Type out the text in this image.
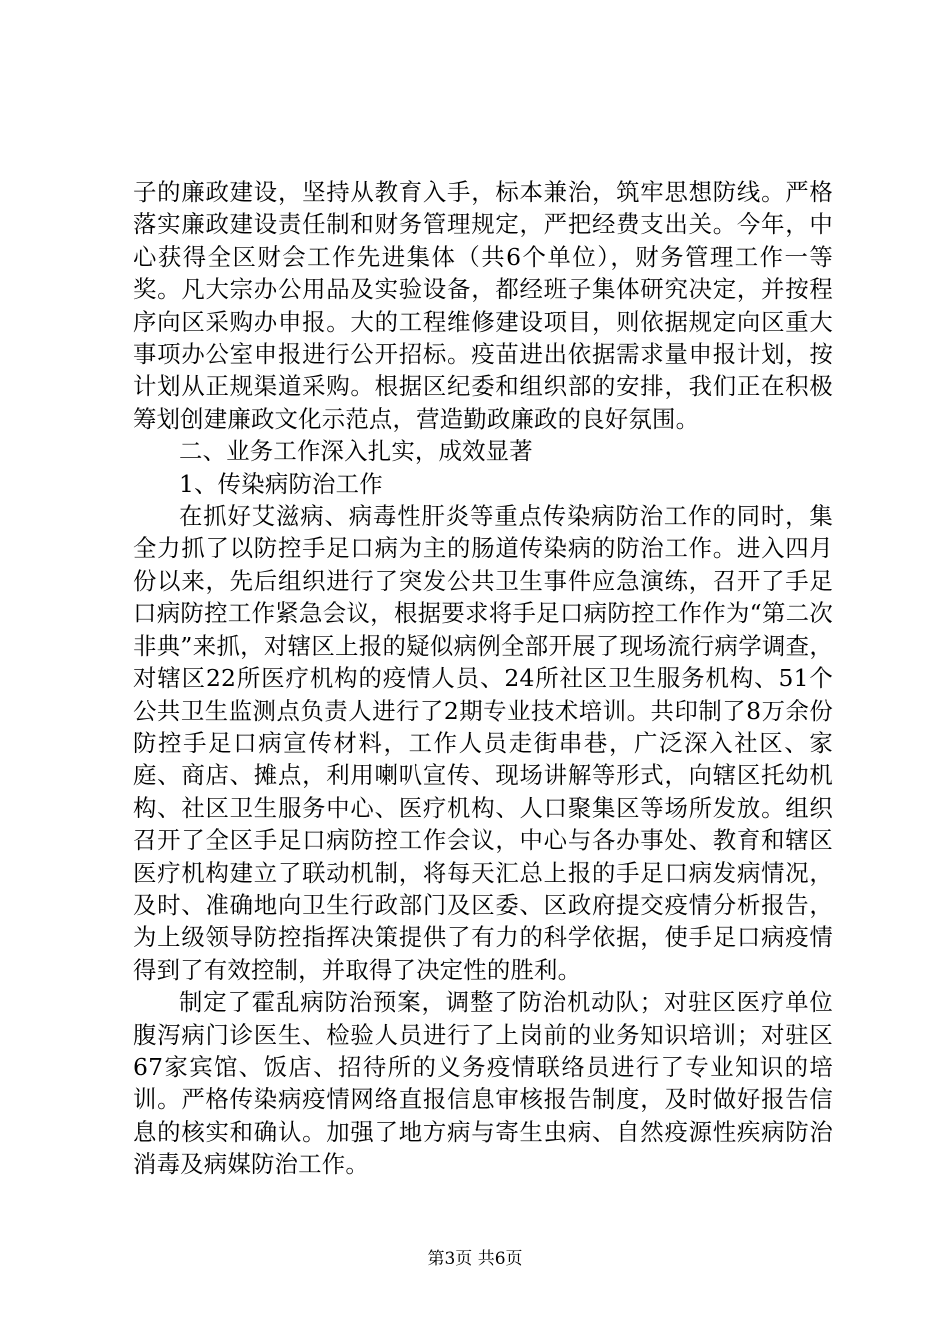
子的廉政建设，坚持从教育入手，标本兼治，筑牢思想防线。严格落实廉政建设责任制和财务管理规定，严把经费支出关。今年，中心获得全区财会工作先进集体（共6个单位），财务管理工作一等奖。凡大宗办公用品及实验设备，都经班子集体研究决定，并按程序向区采购办申报。大的工程维修建设项目，则依据规定向区重大事项办公室申报进行公开招标。疫苗进出依据需求量申报计划，按计划从正规渠道采购。根据区纪委和组织部的安排，我们正在积极筹划创建廉政文化示范点，营造勤政廉政的良好氛围。

二、业务工作深入扎实，成效显著

1、传染病防治工作

在抓好艾滋病、病毒性肝炎等重点传染病防治工作的同时，集全力抓了以防控手足口病为主的肠道传染病的防治工作。进入四月份以来，先后组织进行了突发公共卫生事件应急演练，召开了手足口病防控工作紧急会议，根据要求将手足口病防控工作作为“第二次非典”来抓，对辖区上报的疑似病例全部开展了现场流行病学调查，对辖区22所医疗机构的疫情人员、24所社区卫生服务机构、51个公共卫生监测点负责人进行了2期专业技术培训。共印制了8万余份防控手足口病宣传材料，工作人员走街串巷，广泛深入社区、家庭、商店、摊点，利用喇叭宣传、现场讲解等形式，向辖区托幼机构、社区卫生服务中心、医疗机构、人口聚集区等场所发放。组织召开了全区手足口病防控工作会议，中心与各办事处、教育和辖区医疗机构建立了联动机制，将每天汇总上报的手足口病发病情况，及时、准确地向卫生行政部门及区委、区政府提交疫情分析报告，为上级领导防控指挥决策提供了有力的科学依据，使手足口病疫情得到了有效控制，并取得了决定性的胜利。

制定了霍乱病防治预案，调整了防治机动队；对驻区医疗单位腹泻病门诊医生、检验人员进行了上岗前的业务知识培训；对驻区67家宾馆、饭店、招待所的义务疫情联络员进行了专业知识的培训。严格传染病疫情网络直报信息审核报告制度，及时做好报告信息的核实和确认。加强了地方病与寄生虫病、自然疫源性疾病防治消毒及病媒防治工作。

第3页 共6页
